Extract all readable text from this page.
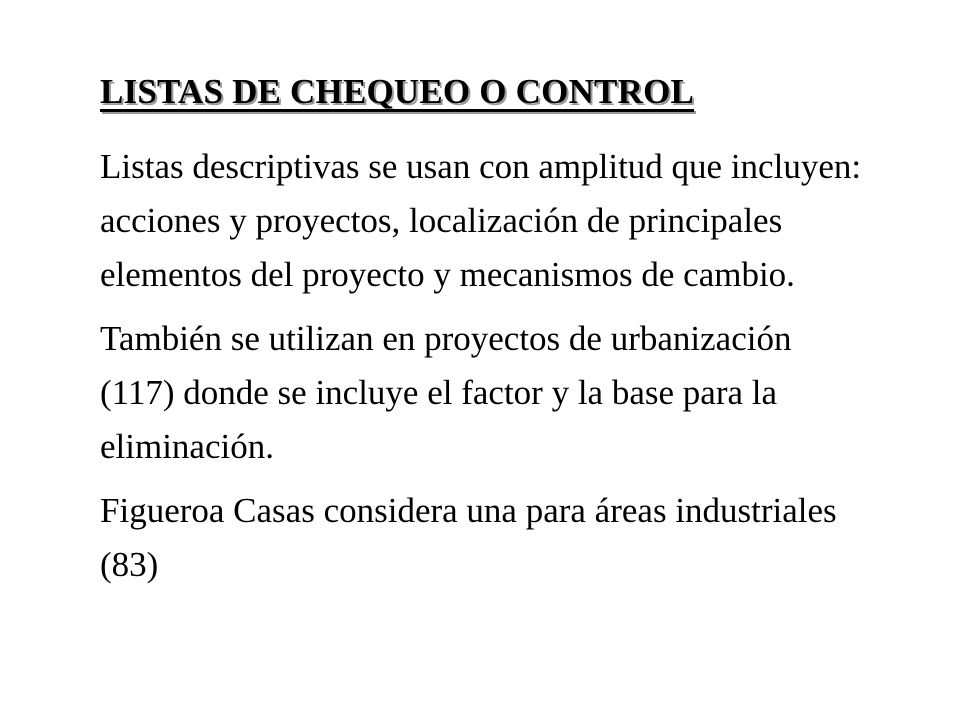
LISTAS DE CHEQUEO O CONTROL

Listas descriptivas se usan con amplitud que incluyen: acciones y proyectos, localización de principales elementos del proyecto y mecanismos de cambio.

También se utilizan en proyectos de urbanización (117) donde se incluye el factor y la base para la eliminación.

Figueroa Casas considera una para áreas industriales (83)
